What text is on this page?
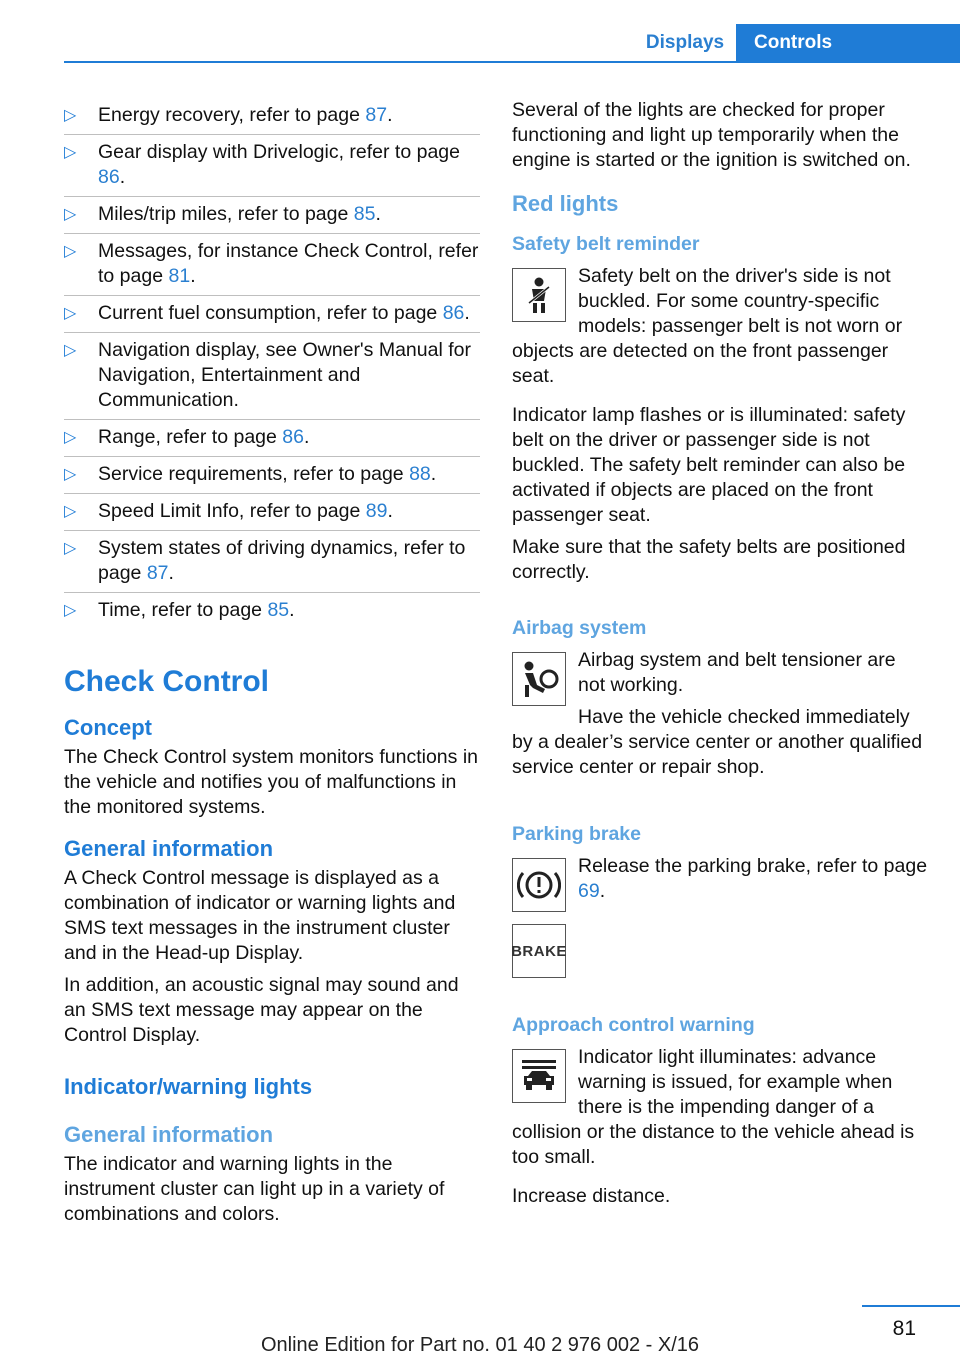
Displays	Controls
▷ Energy recovery, refer to page 87.
▷ Gear display with Drivelogic, refer to page 86.
▷ Miles/trip miles, refer to page 85.
▷ Messages, for instance Check Control, refer to page 81.
▷ Current fuel consumption, refer to page 86.
▷ Navigation display, see Owner's Manual for Navigation, Entertainment and Communication.
▷ Range, refer to page 86.
▷ Service requirements, refer to page 88.
▷ Speed Limit Info, refer to page 89.
▷ System states of driving dynamics, refer to page 87.
▷ Time, refer to page 85.
Check Control
Concept

The Check Control system monitors functions in the vehicle and notifies you of malfunctions in the monitored systems.

General information

A Check Control message is displayed as a combination of indicator or warning lights and SMS text messages in the instrument cluster and in the Head-up Display.

In addition, an acoustic signal may sound and an SMS text message may appear on the Control Display.

Indicator/warning lights
General information

The indicator and warning lights in the instrument cluster can light up in a variety of combinations and colors.

Several of the lights are checked for proper functioning and light up temporarily when the engine is started or the ignition is switched on.

Red lights
Safety belt reminder

Safety belt on the driver's side is not buckled. For some country-specific models: passenger belt is not worn or objects are detected on the front passenger seat.

Indicator lamp flashes or is illuminated: safety belt on the driver or passenger side is not buckled. The safety belt reminder can also be activated if objects are placed on the front passenger seat.

Make sure that the safety belts are positioned correctly.

Airbag system

Airbag system and belt tensioner are not working.

Have the vehicle checked immediately by a dealer’s service center or another qualified service center or repair shop.

Parking brake

Release the parking brake, refer to page 69.

BRAKE
Approach control warning

Indicator light illuminates: advance warning is issued, for example when there is the impending danger of a collision or the distance to the vehicle ahead is too small.

Increase distance.

81
Online Edition for Part no. 01 40 2 976 002 - X/16
